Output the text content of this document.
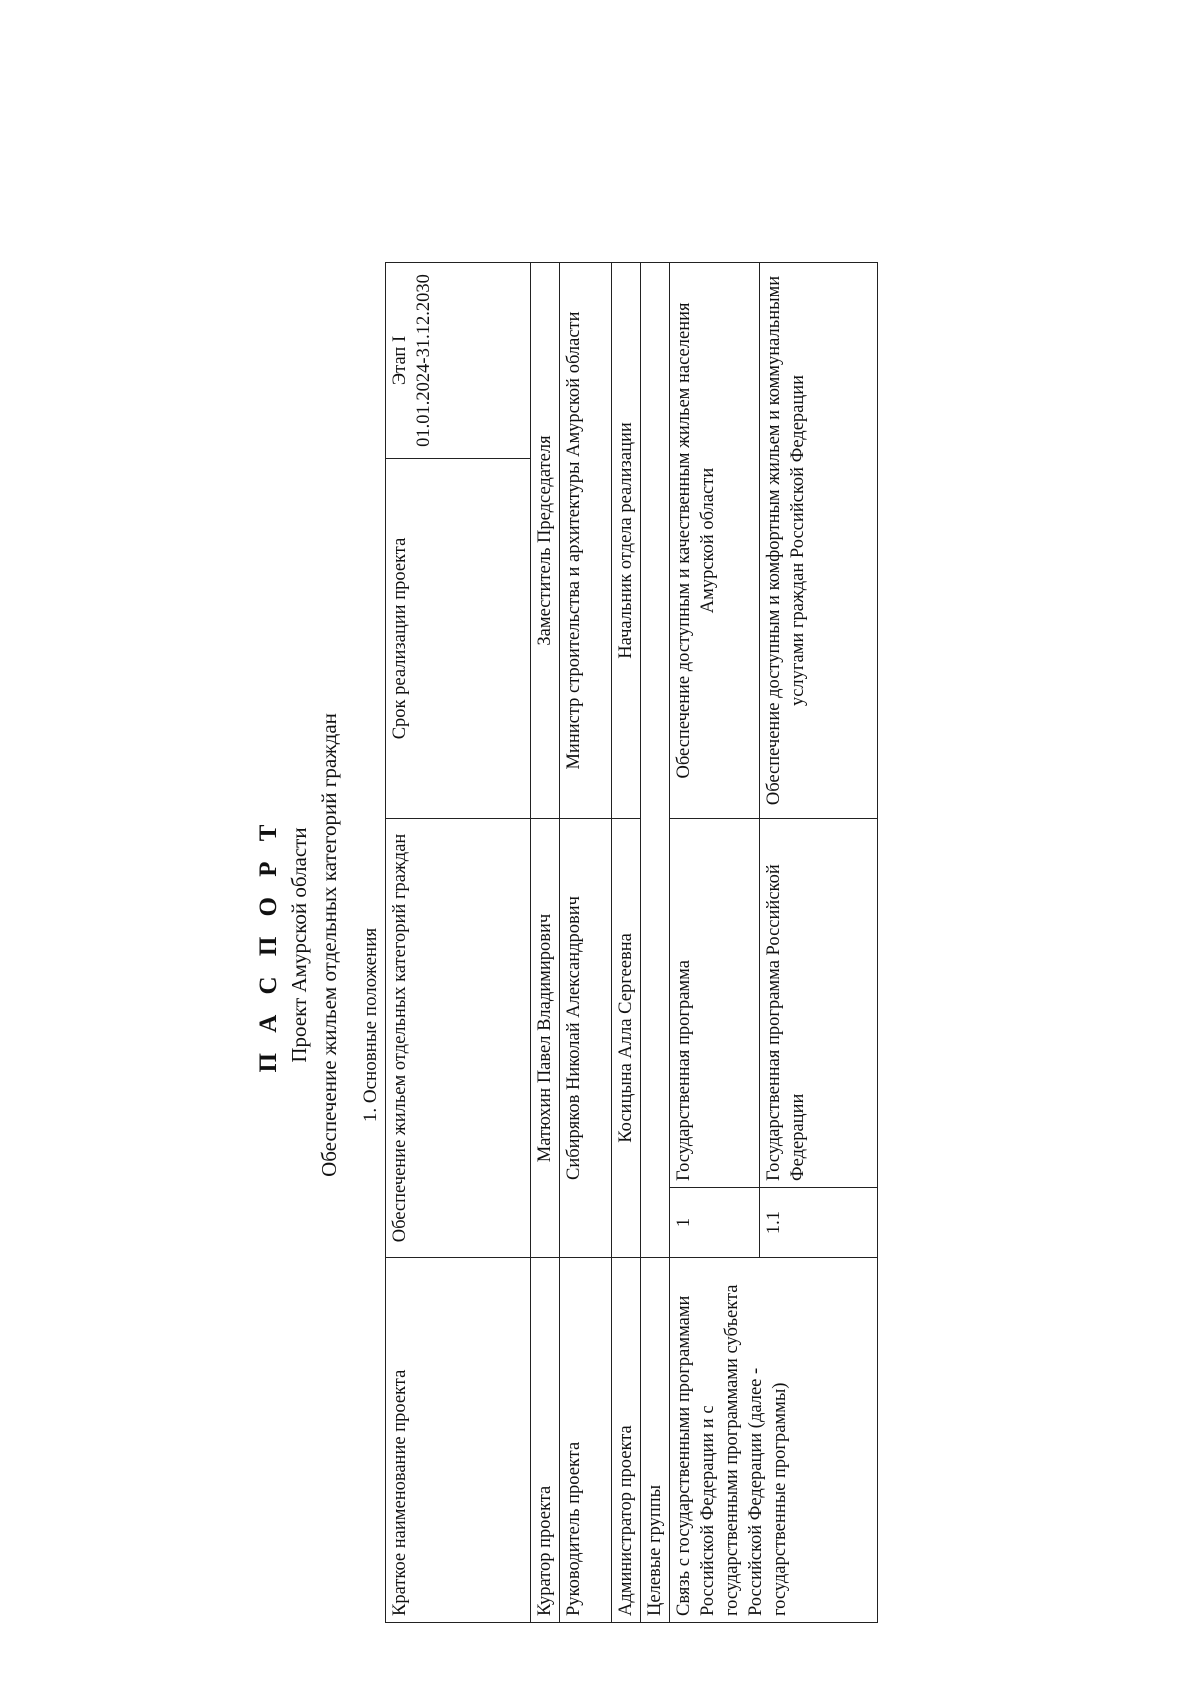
П А С П О Р Т Проект Амурской области Обеспечение жильем отдельных категорий граждан 1. Основные положения
Краткое наименование проекта	Обеспечение жильем отдельных категорий граждан		Срок реализации проекта	Этап I 01.01.2024-31.12.2030

Куратор проекта	Матюхин Павел Владимирович		Заместитель Председателя	
Руководитель проекта	Сибиряков Николай Александрович		Министр строительства и архитектуры Амурской области	
Администратор проекта	Косицына Алла Сергеевна		Начальник отдела реализации	
Целевые группы				
Связь с государственными программами Российской Федерации и с государственными программами субъекта Российской Федерации (далее - государственные программы)	1	Государственная программа	Обеспечение доступным и качественным жильем населения Амурской области	
	1.1	Государственная программа Российской Федерации	Обеспечение доступным и комфортным жильем и коммунальными услугами граждан Российской Федерации	
